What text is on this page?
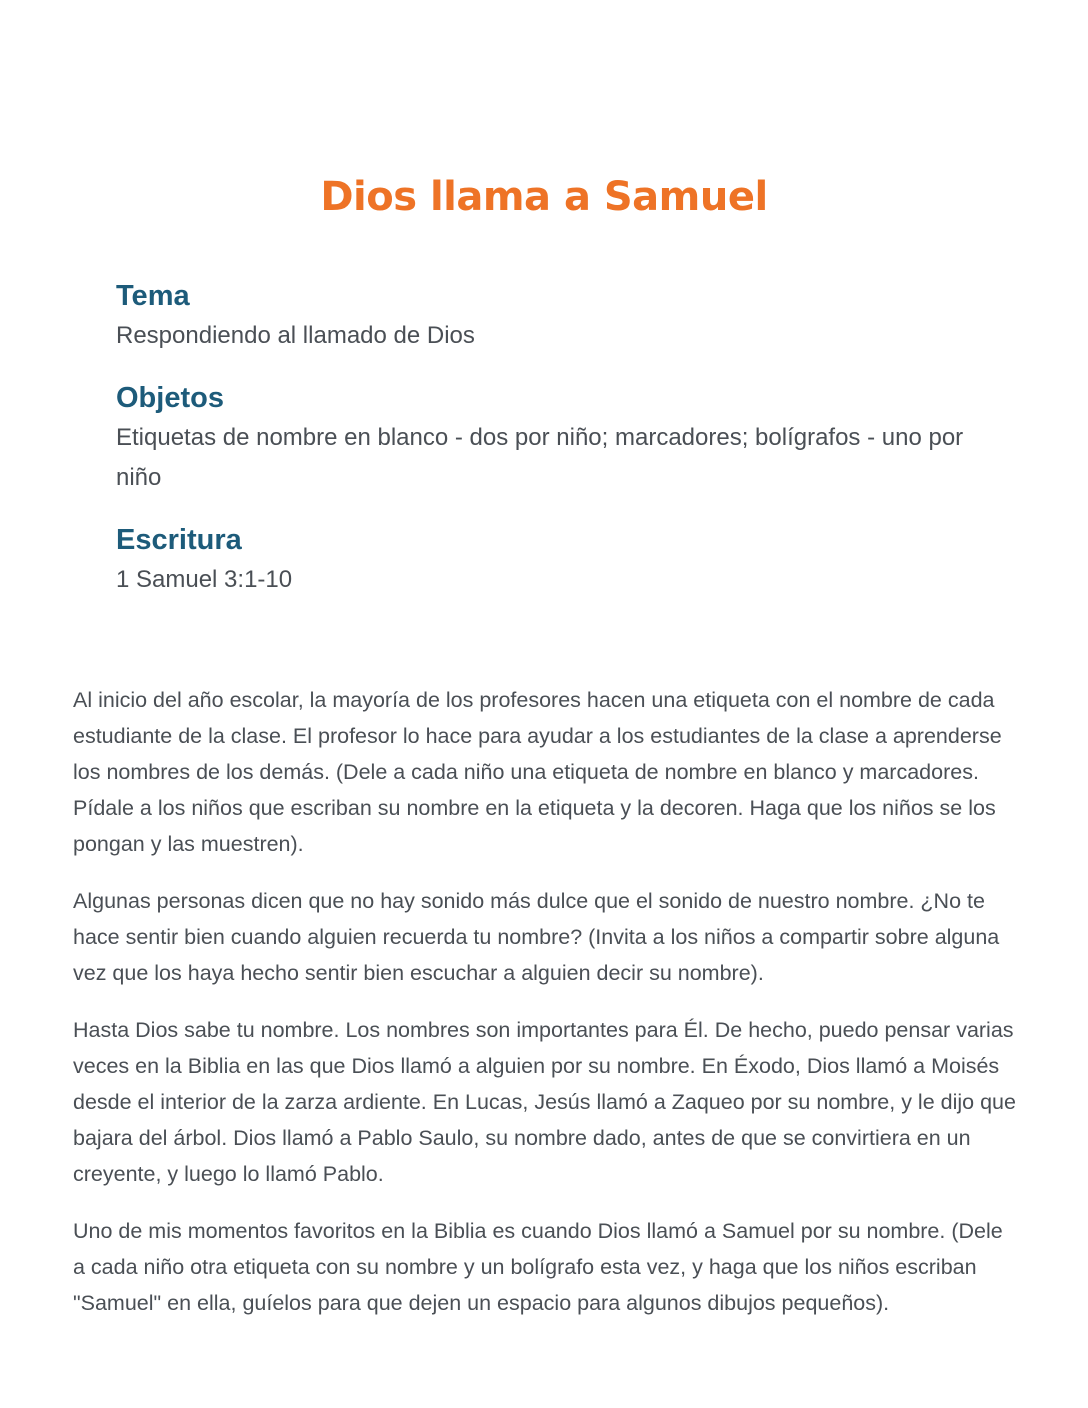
Dios llama a Samuel
Tema

Respondiendo al llamado de Dios

Objetos

Etiquetas de nombre en blanco - dos por niño; marcadores; bolígrafos - uno por niño

Escritura

1 Samuel 3:1-10

Al inicio del año escolar, la mayoría de los profesores hacen una etiqueta con el nombre de cada estudiante de la clase. El profesor lo hace para ayudar a los estudiantes de la clase a aprenderse los nombres de los demás. (Dele a cada niño una etiqueta de nombre en blanco y marcadores. Pídale a los niños que escriban su nombre en la etiqueta y la decoren. Haga que los niños se los pongan y las muestren).

Algunas personas dicen que no hay sonido más dulce que el sonido de nuestro nombre. ¿No te hace sentir bien cuando alguien recuerda tu nombre? (Invita a los niños a compartir sobre alguna vez que los haya hecho sentir bien escuchar a alguien decir su nombre).

Hasta Dios sabe tu nombre. Los nombres son importantes para Él. De hecho, puedo pensar varias veces en la Biblia en las que Dios llamó a alguien por su nombre. En Éxodo, Dios llamó a Moisés desde el interior de la zarza ardiente. En Lucas, Jesús llamó a Zaqueo por su nombre, y le dijo que bajara del árbol. Dios llamó a Pablo Saulo, su nombre dado, antes de que se convirtiera en un creyente, y luego lo llamó Pablo.

Uno de mis momentos favoritos en la Biblia es cuando Dios llamó a Samuel por su nombre. (Dele a cada niño otra etiqueta con su nombre y un bolígrafo esta vez, y haga que los niños escriban "Samuel" en ella, guíelos para que dejen un espacio para algunos dibujos pequeños).
